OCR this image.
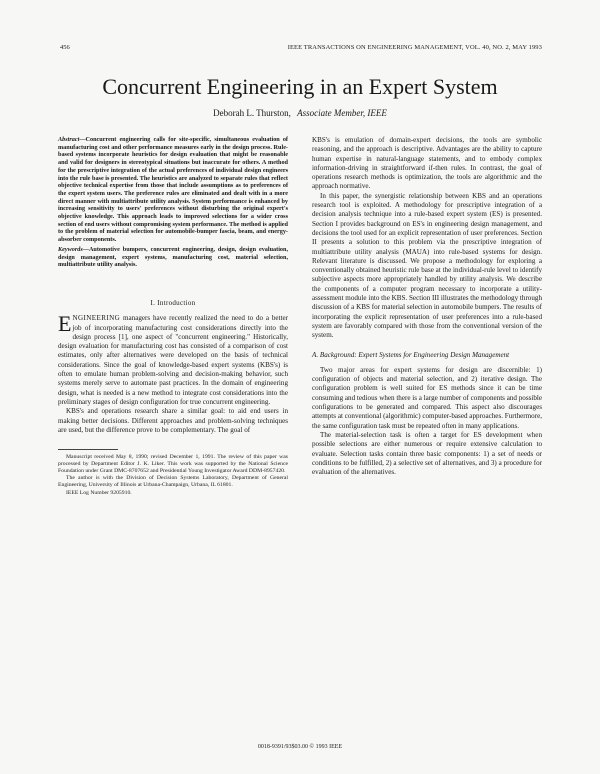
456	IEEE TRANSACTIONS ON ENGINEERING MANAGEMENT, VOL. 40, NO. 2, MAY 1993
Concurrent Engineering in an Expert System
Deborah L. Thurston, Associate Member, IEEE

Abstract—Concurrent engineering calls for site-specific, simultaneous evaluation of manufacturing cost and other performance measures early in the design process. Rule-based systems incorporate heuristics for design evaluation that might be reasonable and valid for designers in stereotypical situations but inaccurate for others. A method for the prescriptive integration of the actual preferences of individual design engineers into the rule base is presented. The heuristics are analyzed to separate rules that reflect objective technical expertise from those that include assumptions as to preferences of the expert system users. The preference rules are eliminated and dealt with in a more direct manner with multiattribute utility analysis. System performance is enhanced by increasing sensitivity to users' preferences without disturbing the original expert's objective knowledge. This approach leads to improved selections for a wider cross section of end users without compromising system performance. The method is applied to the problem of material selection for automobile-bumper fascia, beam, and energy-absorber components.

Keywords—Automotive bumpers, concurrent engineering, design, design evaluation, design management, expert systems, manufacturing cost, material selection, multiattribute utility analysis.

I. Introduction

ENGINEERING managers have recently realized the need to do a better job of incorporating manufacturing cost considerations directly into the design process [1], one aspect of "concurrent engineering." Historically, design evaluation for manufacturing cost has consisted of a comparison of cost estimates, only after alternatives were developed on the basis of technical considerations. Since the goal of knowledge-based expert systems (KBS's) is often to emulate human problem-solving and decision-making behavior, such systems merely serve to automate past practices. In the domain of engineering design, what is needed is a new method to integrate cost considerations into the preliminary stages of design configuration for true concurrent engineering.

KBS's and operations research share a similar goal: to aid end users in making better decisions. Different approaches and problem-solving techniques are used, but the difference prove to be complementary. The goal of

Manuscript received May 8, 1990; revised December 1, 1991. The review of this paper was processed by Department Editor J. K. Liker. This work was supported by the National Science Foundation under Grant DMC-8707652 and Presidential Young Investigator Award DDM-8957420.

The author is with the Division of Decision Systems Laboratory, Department of General Engineering, University of Illinois at Urbana-Champaign, Urbana, IL 61801.

IEEE Log Number 9205910.

KBS's is emulation of domain-expert decisions, the tools are symbolic reasoning, and the approach is descriptive. Advantages are the ability to capture human expertise in natural-language statements, and to embody complex information-driving in straightforward if-then rules. In contrast, the goal of operations research methods is optimization, the tools are algorithmic and the approach normative.

In this paper, the synergistic relationship between KBS and an operations research tool is exploited. A methodology for prescriptive integration of a decision analysis technique into a rule-based expert system (ES) is presented. Section I provides background on ES's in engineering design management, and decisions the tool used for an explicit representation of user preferences. Section II presents a solution to this problem via the prescriptive integration of multiattribute utility analysis (MAUA) into rule-based systems for design. Relevant literature is discussed. We propose a methodology for exploring a conventionally obtained heuristic rule base at the individual-rule level to identify subjective aspects more appropriately handled by utility analysis. We describe the components of a computer program necessary to incorporate a utility-assessment module into the KBS. Section III illustrates the methodology through discussion of a KBS for material selection in automobile bumpers. The results of incorporating the explicit representation of user preferences into a rule-based system are favorably compared with those from the conventional version of the system.

A. Background: Expert Systems for Engineering Design Management

Two major areas for expert systems for design are discernible: 1) configuration of objects and material selection, and 2) iterative design. The configuration problem is well suited for ES methods since it can be time consuming and tedious when there is a large number of components and possible configurations to be generated and compared. This aspect also discourages attempts at conventional (algorithmic) computer-based approaches. Furthermore, the same configuration task must be repeated often in many applications.

The material-selection task is often a target for ES development when possible selections are either numerous or require extensive calculation to evaluate. Selection tasks contain three basic components: 1) a set of needs or conditions to be fulfilled, 2) a selective set of alternatives, and 3) a procedure for evaluation of the alternatives.

0018-9391/93$03.00 © 1993 IEEE
